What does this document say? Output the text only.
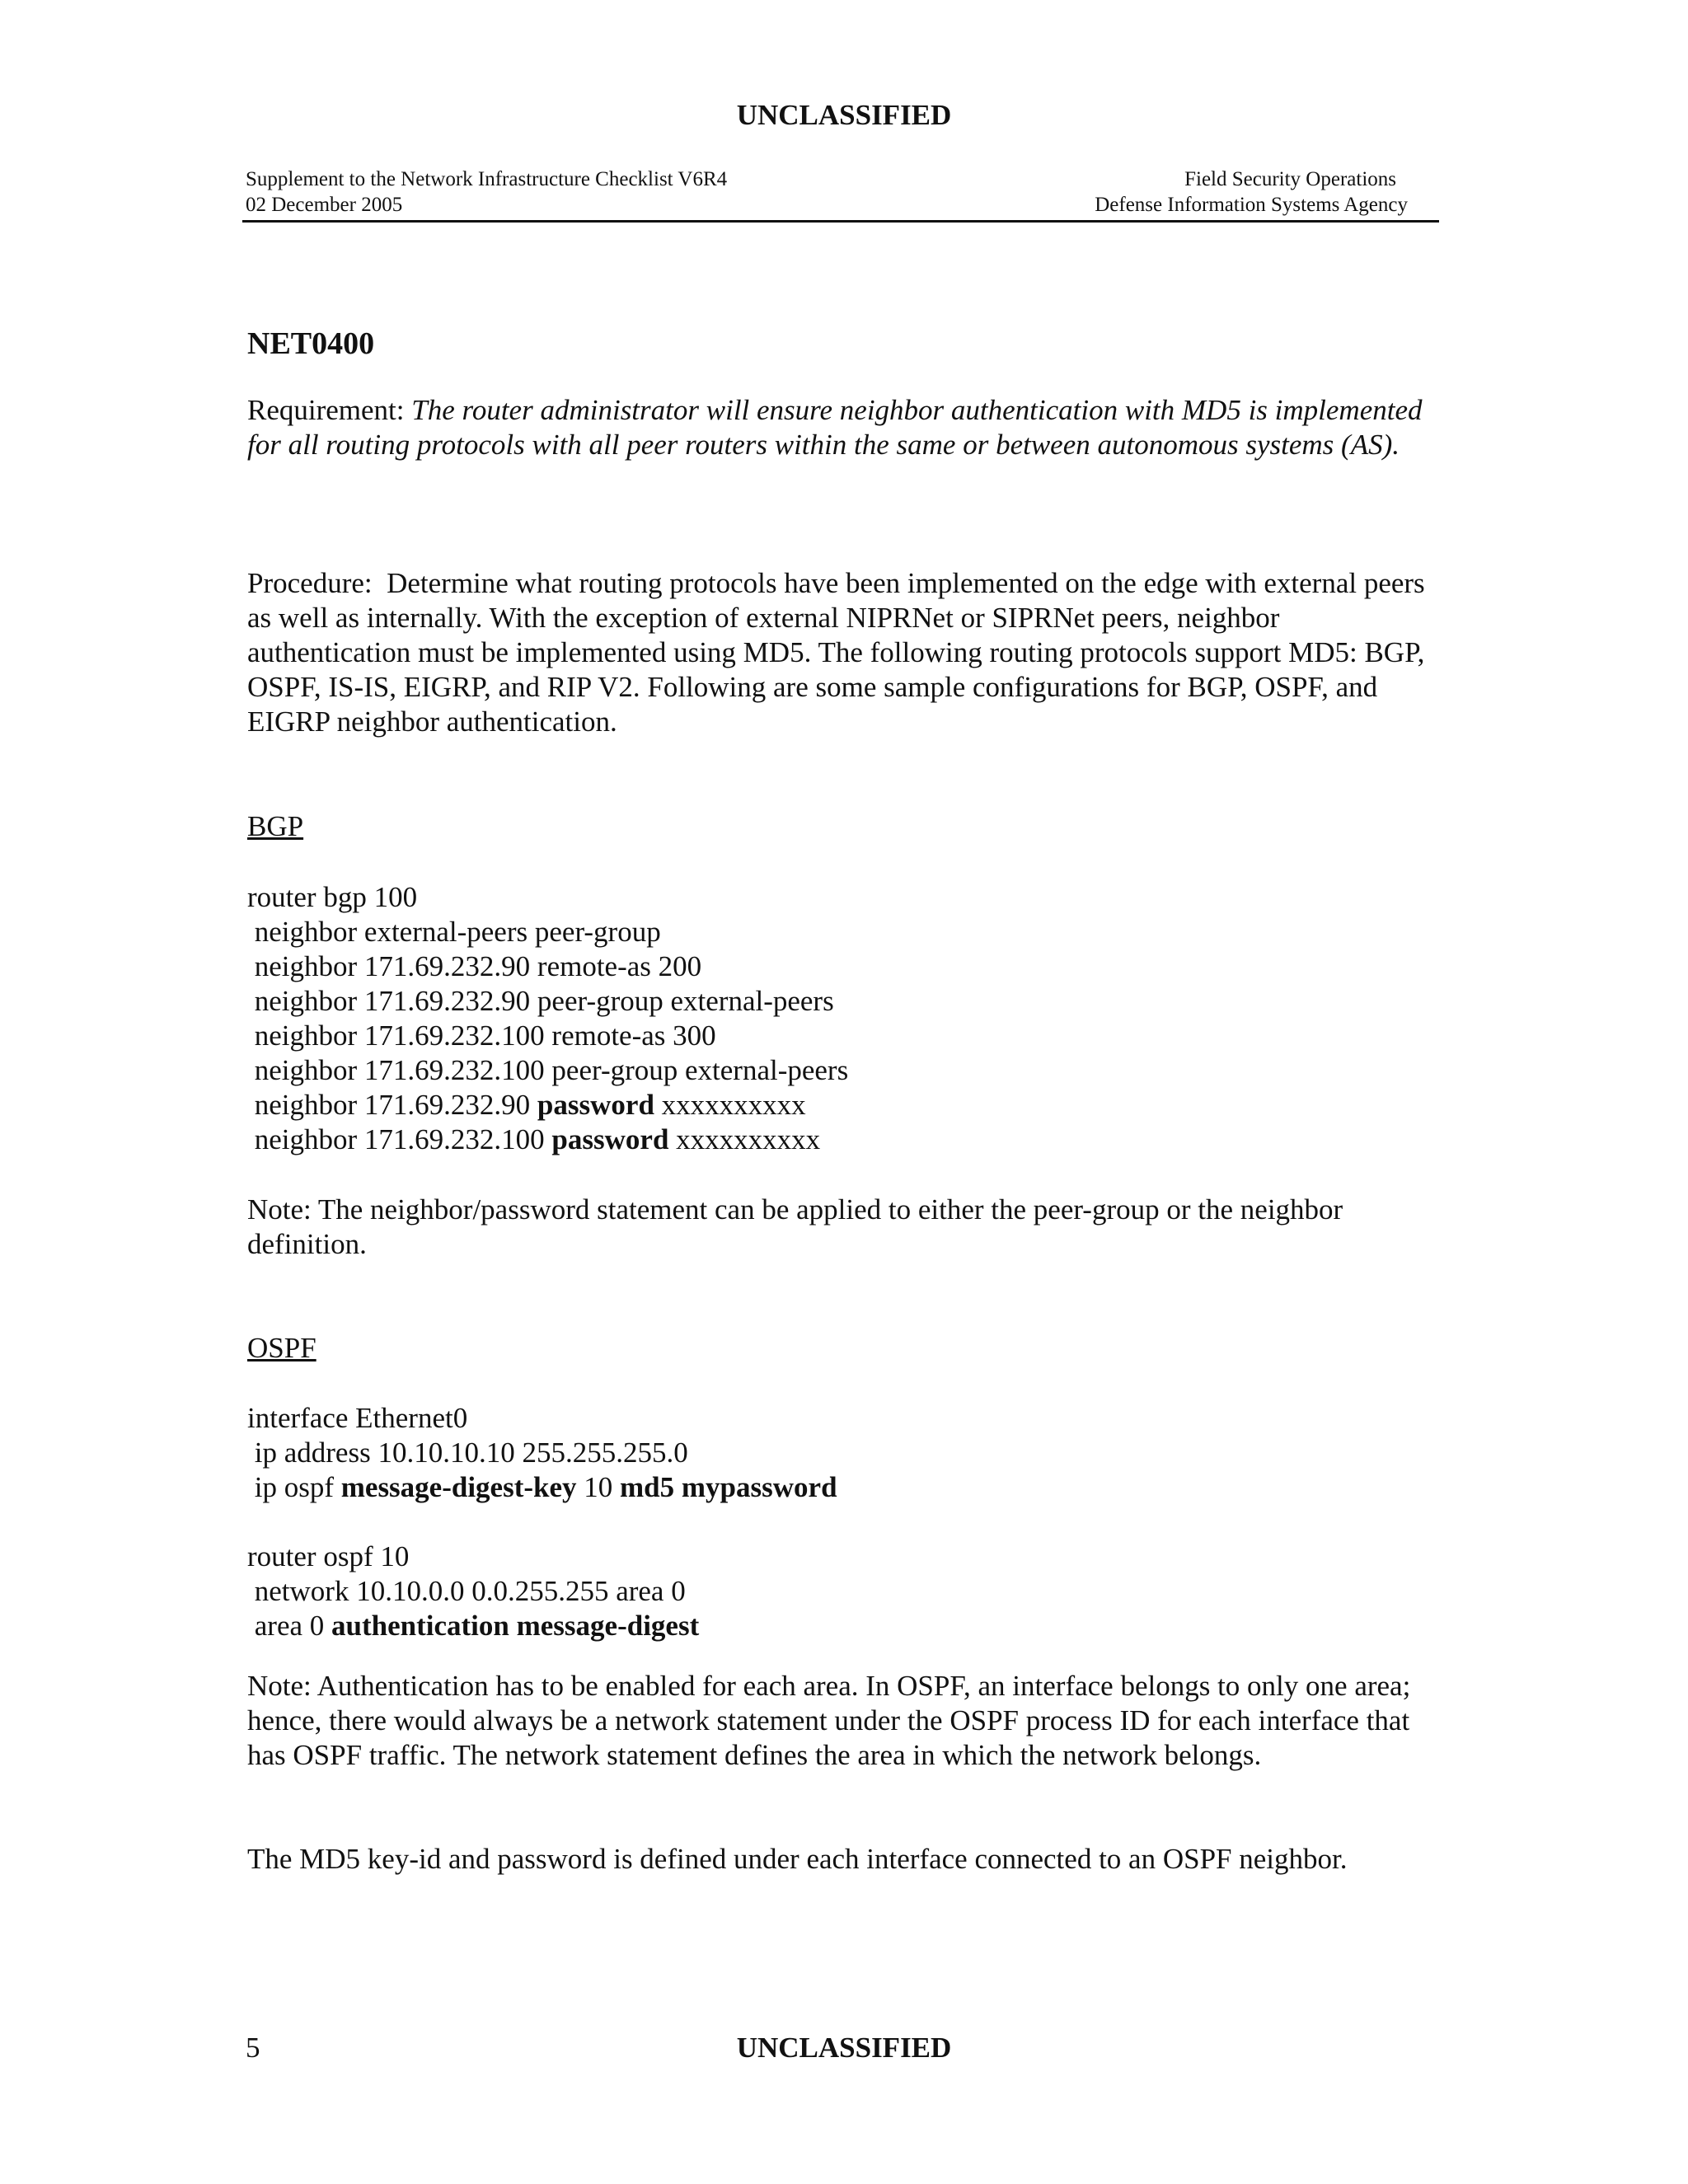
UNCLASSIFIED
Supplement to the Network Infrastructure Checklist V6R4
02 December 2005
Field Security Operations
Defense Information Systems Agency
NET0400
Requirement: The router administrator will ensure neighbor authentication with MD5 is implemented for all routing protocols with all peer routers within the same or between autonomous systems (AS).
Procedure: Determine what routing protocols have been implemented on the edge with external peers as well as internally. With the exception of external NIPRNet or SIPRNet peers, neighbor authentication must be implemented using MD5. The following routing protocols support MD5: BGP, OSPF, IS-IS, EIGRP, and RIP V2. Following are some sample configurations for BGP, OSPF, and EIGRP neighbor authentication.
BGP
router bgp 100
neighbor external-peers peer-group
neighbor 171.69.232.90 remote-as 200
neighbor 171.69.232.90 peer-group external-peers
neighbor 171.69.232.100 remote-as 300
neighbor 171.69.232.100 peer-group external-peers
neighbor 171.69.232.90 password xxxxxxxxxx
neighbor 171.69.232.100 password xxxxxxxxxx
Note: The neighbor/password statement can be applied to either the peer-group or the neighbor definition.
OSPF
interface Ethernet0
ip address 10.10.10.10 255.255.255.0
ip ospf message-digest-key 10 md5 mypassword
router ospf 10
network 10.10.0.0 0.0.255.255 area 0
area 0 authentication message-digest
Note: Authentication has to be enabled for each area. In OSPF, an interface belongs to only one area; hence, there would always be a network statement under the OSPF process ID for each interface that has OSPF traffic. The network statement defines the area in which the network belongs.
The MD5 key-id and password is defined under each interface connected to an OSPF neighbor.
5	UNCLASSIFIED
